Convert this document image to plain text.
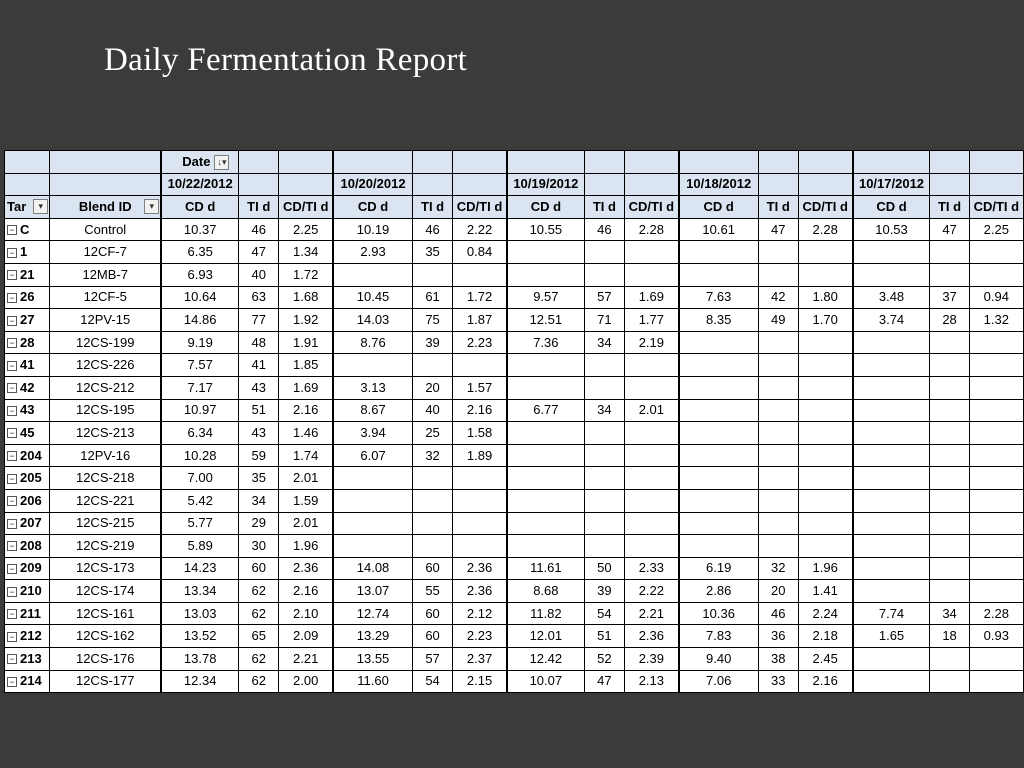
Daily Fermentation Report
		Date ↓▾														
		10/22/2012			10/20/2012			10/19/2012			10/18/2012			10/17/2012		
Tar ▾	Blend ID ▾	CD d	TI d	CD/TI d	CD d	TI d	CD/TI d	CD d	TI d	CD/TI d	CD d	TI d	CD/TI d	CD d	TI d	CD/TI d
− C	Control	10.37	46	2.25	10.19	46	2.22	10.55	46	2.28	10.61	47	2.28	10.53	47	2.25
− 1	12CF-7	6.35	47	1.34	2.93	35	0.84									
− 21	12MB-7	6.93	40	1.72												
− 26	12CF-5	10.64	63	1.68	10.45	61	1.72	9.57	57	1.69	7.63	42	1.80	3.48	37	0.94
− 27	12PV-15	14.86	77	1.92	14.03	75	1.87	12.51	71	1.77	8.35	49	1.70	3.74	28	1.32
− 28	12CS-199	9.19	48	1.91	8.76	39	2.23	7.36	34	2.19						
− 41	12CS-226	7.57	41	1.85												
− 42	12CS-212	7.17	43	1.69	3.13	20	1.57									
− 43	12CS-195	10.97	51	2.16	8.67	40	2.16	6.77	34	2.01						
− 45	12CS-213	6.34	43	1.46	3.94	25	1.58									
− 204	12PV-16	10.28	59	1.74	6.07	32	1.89									
− 205	12CS-218	7.00	35	2.01												
− 206	12CS-221	5.42	34	1.59												
− 207	12CS-215	5.77	29	2.01												
− 208	12CS-219	5.89	30	1.96												
− 209	12CS-173	14.23	60	2.36	14.08	60	2.36	11.61	50	2.33	6.19	32	1.96			
− 210	12CS-174	13.34	62	2.16	13.07	55	2.36	8.68	39	2.22	2.86	20	1.41			
− 211	12CS-161	13.03	62	2.10	12.74	60	2.12	11.82	54	2.21	10.36	46	2.24	7.74	34	2.28
− 212	12CS-162	13.52	65	2.09	13.29	60	2.23	12.01	51	2.36	7.83	36	2.18	1.65	18	0.93
− 213	12CS-176	13.78	62	2.21	13.55	57	2.37	12.42	52	2.39	9.40	38	2.45			
− 214	12CS-177	12.34	62	2.00	11.60	54	2.15	10.07	47	2.13	7.06	33	2.16			
